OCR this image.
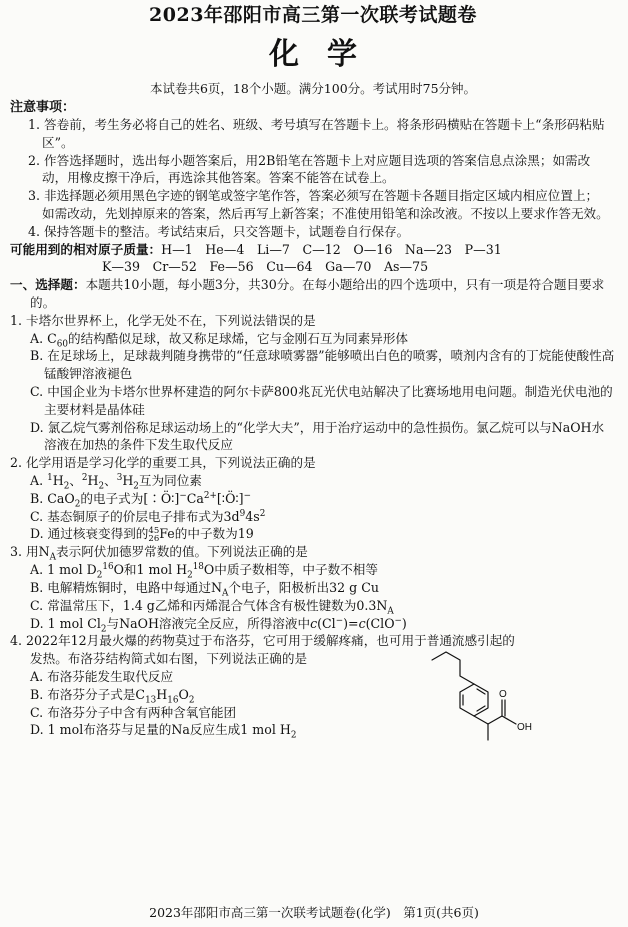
2023年邵阳市高三第一次联考试题卷
化学
本试卷共6页，18个小题。满分100分。考试用时75分钟。
注意事项：
1. 答卷前，考生务必将自己的姓名、班级、考号填写在答题卡上。将条形码横贴在答题卡上“条形码粘贴区”。
2. 作答选择题时，选出每小题答案后，用2B铅笔在答题卡上对应题目选项的答案信息点涂黑；如需改动，用橡皮擦干净后，再选涂其他答案。答案不能答在试卷上。
3. 非选择题必须用黑色字迹的钢笔或签字笔作答，答案必须写在答题卡各题目指定区域内相应位置上；如需改动，先划掉原来的答案，然后再写上新答案；不准使用铅笔和涂改液。不按以上要求作答无效。
4. 保持答题卡的整洁。考试结束后，只交答题卡，试题卷自行保存。
可能用到的相对原子质量：H—1　He—4　Li—7　C—12　O—16　Na—23　P—31
K—39　Cr—52　Fe—56　Cu—64　Ga—70　As—75
一、选择题：本题共10小题，每小题3分，共30分。在每小题给出的四个选项中，只有一项是符合题目要求的。
1. 卡塔尔世界杯上，化学无处不在，下列说法错误的是
A. $C_{60}$的结构酷似足球，故又称足球烯，它与金刚石互为同素异形体
B. 在足球场上，足球裁判随身携带的“任意球喷雾器”能够喷出白色的喷雾，喷剂内含有的丁烷能使酸性高锰酸钾溶液褪色
C. 中国企业为卡塔尔世界杯建造的阿尔卡萨800兆瓦光伏电站解决了比赛场地用电问题。制造光伏电池的主要材料是晶体硅
D. 氯乙烷气雾剂俗称足球运动场上的“化学大夫”，用于治疗运动中的急性损伤。氯乙烷可以与NaOH水溶液在加热的条件下发生取代反应
2. 化学用语是学习化学的重要工具，下列说法正确的是
A. $^1H_2$、$^2H_2$、$^3H_2$互为同位素
B. CaO$_2$的电子式为$[∶Ö∶]^-Ca^{2+}[∶Ö∶]^-$
C. 基态铜原子的价层电子排布式为$3d^94s^2$
D. 通过核衰变得到的 45
26 Fe的中子数为19
3. 用$N_A$表示阿伏加德罗常数的值。下列说法正确的是
A. 1 mol $D_2^{16}O$和1 mol $H_2^{18}O$中质子数相等，中子数不相等
B. 电解精炼铜时，电路中每通过$N_A$个电子，阳极析出32 g Cu
C. 常温常压下，1.4 g乙烯和丙烯混合气体含有极性键数为$0.3N_A$
D. 1 mol $Cl_2$与NaOH溶液完全反应，所得溶液中c(Cl−)=c(ClO−)
4. 2022年12月最火爆的药物莫过于布洛芬，它可用于缓解疼痛，也可用于普通流感引起的
发热。布洛芬结构简式如右图，下列说法正确的是
A. 布洛芬能发生取代反应
B. 布洛芬分子式是$C_{13}H_{16}O_2$
C. 布洛芬分子中含有两种含氧官能团
D. 1 mol布洛芬与足量的Na反应生成1 mol $H_2$
O
OH
2023年邵阳市高三第一次联考试题卷(化学)　第1页(共6页)
